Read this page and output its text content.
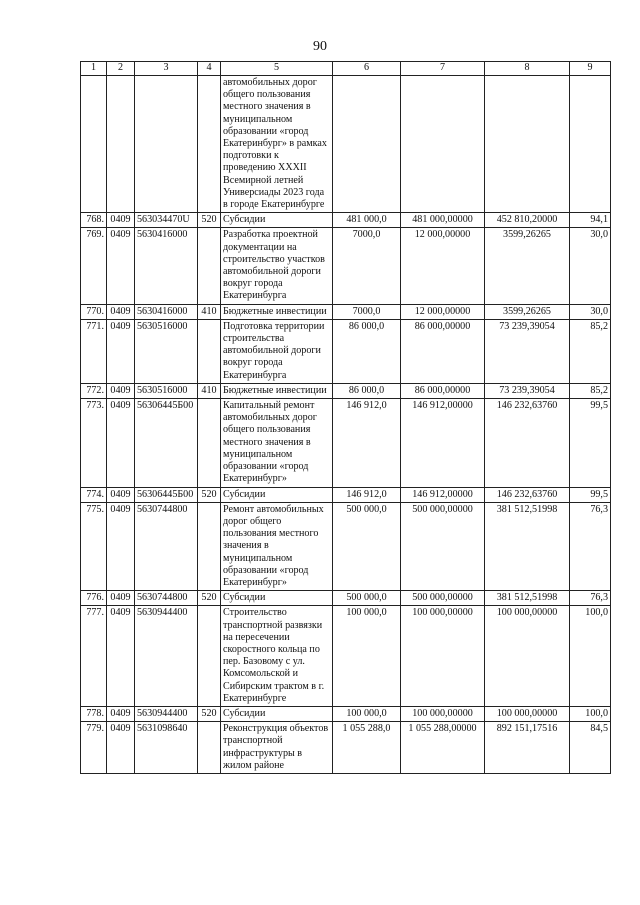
90
1	2	3	4	5	6	7	8	9
				автомобильных дорог общего пользования местного значения в муниципальном образовании «город Екатеринбург» в рамках подготовки к проведению XXXII Всемирной летней Универсиады 2023 года в городе Екатеринбурге				
768.	0409	563034470U	520	Субсидии	481 000,0	481 000,00000	452 810,20000	94,1
769.	0409	5630416000		Разработка проектной документации на строительство участков автомобильной дороги вокруг города Екатеринбурга	7000,0	12 000,00000	3599,26265	30,0
770.	0409	5630416000	410	Бюджетные инвестиции	7000,0	12 000,00000	3599,26265	30,0
771.	0409	5630516000		Подготовка территории строительства автомобильной дороги вокруг города Екатеринбурга	86 000,0	86 000,00000	73 239,39054	85,2
772.	0409	5630516000	410	Бюджетные инвестиции	86 000,0	86 000,00000	73 239,39054	85,2
773.	0409	56306445Б00		Капитальный ремонт автомобильных дорог общего пользования местного значения в муниципальном образовании «город Екатеринбург»	146 912,0	146 912,00000	146 232,63760	99,5
774.	0409	56306445Б00	520	Субсидии	146 912,0	146 912,00000	146 232,63760	99,5
775.	0409	5630744800		Ремонт автомобильных дорог общего пользования местного значения в муниципальном образовании «город Екатеринбург»	500 000,0	500 000,00000	381 512,51998	76,3
776.	0409	5630744800	520	Субсидии	500 000,0	500 000,00000	381 512,51998	76,3
777.	0409	5630944400		Строительство транспортной развязки на пересечении скоростного кольца по пер. Базовому с ул. Комсомольской и Сибирским трактом в г. Екатеринбурге	100 000,0	100 000,00000	100 000,00000	100,0
778.	0409	5630944400	520	Субсидии	100 000,0	100 000,00000	100 000,00000	100,0
779.	0409	5631098640		Реконструкция объектов транспортной инфраструктуры в жилом районе	1 055 288,0	1 055 288,00000	892 151,17516	84,5
